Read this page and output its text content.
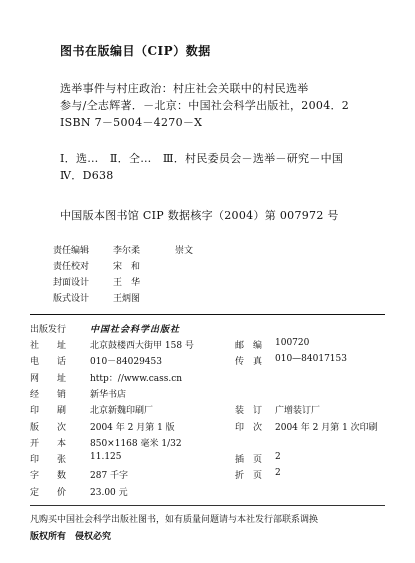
图书在版编目（CIP）数据
选举事件与村庄政治：村庄社会关联中的村民选举
参与/仝志辉著．－北京：中国社会科学出版社，2004．2
ISBN 7－5004－4270－X
Ⅰ．选…　Ⅱ．仝…　Ⅲ．村民委员会－选举－研究－中国
Ⅳ．D638
中国版本图书馆 CIP 数据核字（2004）第 007972 号
责任编辑	李尔柔	崇文
责任校对	宋　和
封面设计	王　华
版式设计	王炳图
出版发行	中国社会科学出版社
社　　址	北京鼓楼西大街甲 158 号	邮　编 100720
电　　话	010－84029453	传　真 010—84017153
网　　址	http：//www.cass.cn
经　　销	新华书店
印　　刷	北京新魏印刷厂	装　订 广增装订厂
版　　次	2004 年 2 月第 1 版	印　次 2004 年 2 月第 1 次印刷
开　　本	850×1168 毫米 1/32
印　　张	11.125	插　页 2
字　　数	287 千字	折　页 2
定　　价	23.00 元
凡购买中国社会科学出版社图书，如有质量问题请与本社发行部联系调换
版权所有　侵权必究
